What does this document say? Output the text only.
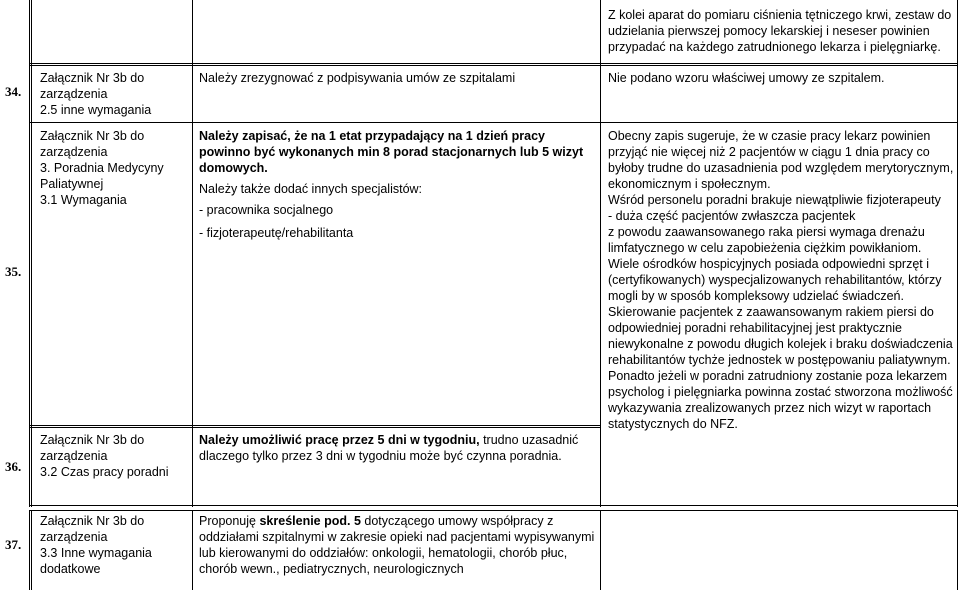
Z kolei aparat do pomiaru ciśnienia tętniczego krwi, zestaw do udzielania pierwszej pomocy lekarskiej i neseser powinien przypadać na każdego zatrudnionego lekarza i pielęgniarkę.
34.

Załącznik Nr 3b do

zarządzenia

2.5 inne wymagania

Należy zrezygnować z podpisywania umów ze szpitalami	Nie podano wzoru właściwej umowy ze szpitalem.
35.

Załącznik Nr 3b do

zarządzenia

3. Poradnia Medycyny

Paliatywnej

3.1 Wymagania

Należy zapisać, że na 1 etat przypadający na 1 dzień pracy powinno być wykonanych min 8 porad stacjonarnych lub 5 wizyt domowych.

Należy także dodać innych specjalistów:

- pracownika socjalnego

- fizjoterapeutę/rehabilitanta

Obecny zapis sugeruje, że w czasie pracy lekarz powinien

przyjąć nie więcej niż 2 pacjentów w ciągu 1 dnia pracy co

byłoby trudne do uzasadnienia pod względem merytorycznym,

ekonomicznym i społecznym.

Wśród personelu poradni brakuje niewątpliwie fizjoterapeuty

- duża część pacjentów zwłaszcza pacjentek

z powodu zaawansowanego raka piersi wymaga drenażu

limfatycznego w celu zapobieżenia ciężkim powikłaniom.

Wiele ośrodków hospicyjnych posiada odpowiedni sprzęt i

(certyfikowanych) wyspecjalizowanych rehabilitantów, którzy

mogli by w sposób kompleksowy udzielać świadczeń.

Skierowanie pacjentek z zaawansowanym rakiem piersi do

odpowiedniej poradni rehabilitacyjnej jest praktycznie

niewykonalne z powodu długich kolejek i braku doświadczenia

rehabilitantów tychże jednostek w postępowaniu paliatywnym.

Ponadto jeżeli w poradni zatrudniony zostanie poza lekarzem

psycholog i pielęgniarka powinna zostać stworzona możliwość

wykazywania zrealizowanych przez nich wizyt w raportach

statystycznych do NFZ.

36.

Załącznik Nr 3b do

zarządzenia

3.2 Czas pracy poradni

Należy umożliwić pracę przez 5 dni w tygodniu, trudno uzasadnić dlaczego tylko przez 3 dni w tygodniu może być czynna poradnia.
37.

Załącznik Nr 3b do

zarządzenia

3.3 Inne wymagania

dodatkowe

Proponuję skreślenie pod. 5 dotyczącego umowy współpracy z oddziałami szpitalnymi w zakresie opieki nad pacjentami wypisywanymi lub kierowanymi do oddziałów: onkologii, hematologii, chorób płuc, chorób wewn., pediatrycznych, neurologicznych
